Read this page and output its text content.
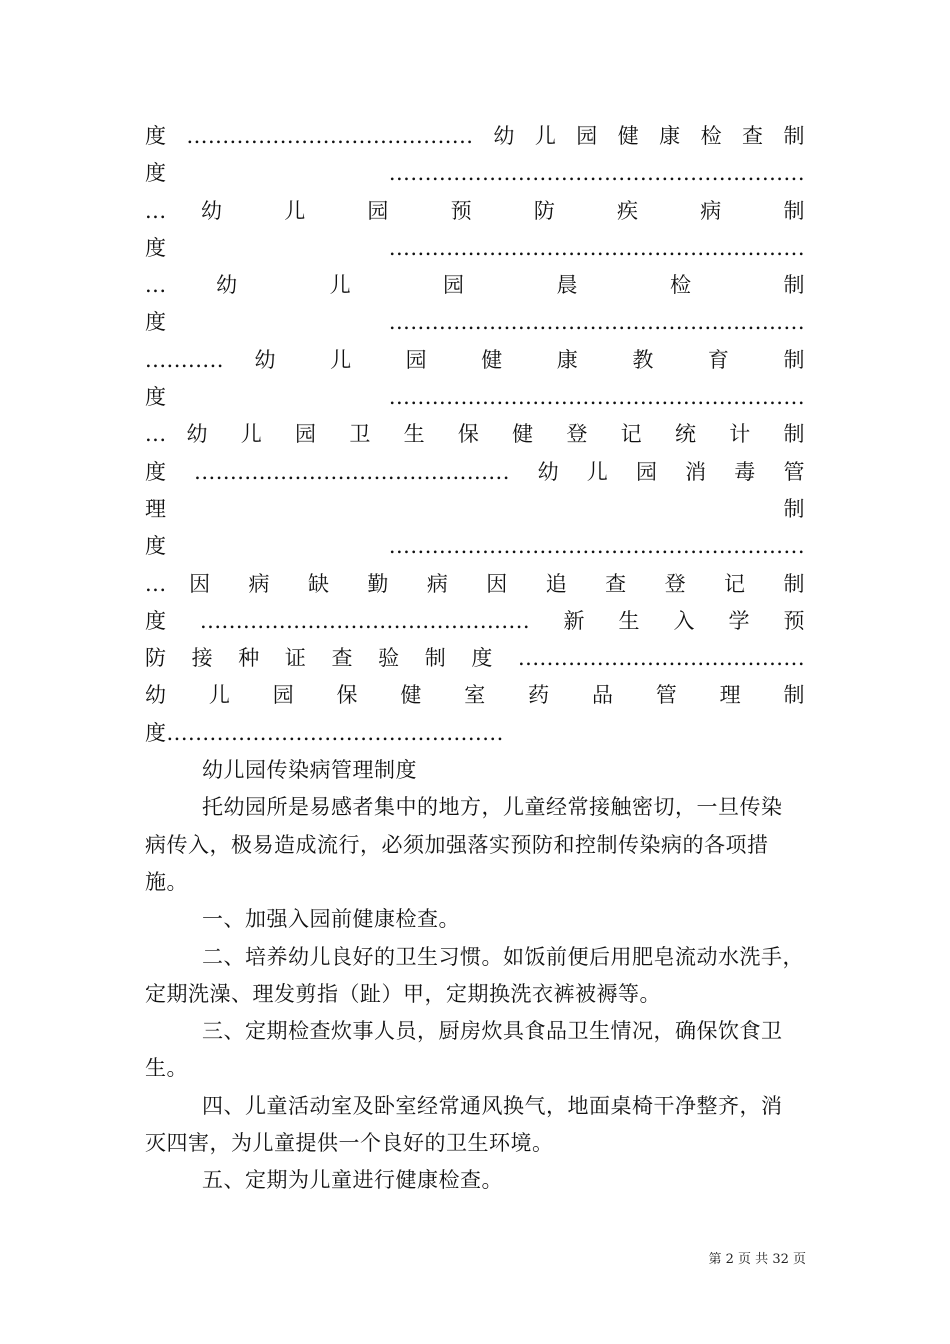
度........................................幼儿园健康检查制
度..........................................................
... 幼 儿 园 预 防 疾 病 制
度..........................................................
... 幼 儿 园 晨 检 制
度..........................................................
........... 幼 儿 园 健 康 教 育 制
度..........................................................
... 幼 儿 园 卫 生 保 健 登 记 统 计 制
度............................................幼儿园消毒管
理 制
度..........................................................
... 因 病 缺 勤 病 因 追 查 登 记 制
度..............................................新生入学预
防接种证查验制度........................................
幼 儿 园 保 健 室 药 品 管 理 制
度...............................................
幼儿园传染病管理制度
托幼园所是易感者集中的地方，儿童经常接触密切，一旦传染
病传入，极易造成流行，必须加强落实预防和控制传染病的各项措
施。
一、加强入园前健康检查。
二、培养幼儿良好的卫生习惯。如饭前便后用肥皂流动水洗手，
定期洗澡、理发剪指（趾）甲，定期换洗衣裤被褥等。
三、定期检查炊事人员，厨房炊具食品卫生情况，确保饮食卫
生。
四、儿童活动室及卧室经常通风换气，地面桌椅干净整齐，消
灭四害，为儿童提供一个良好的卫生环境。
五、定期为儿童进行健康检查。
第 2 页 共 32 页
